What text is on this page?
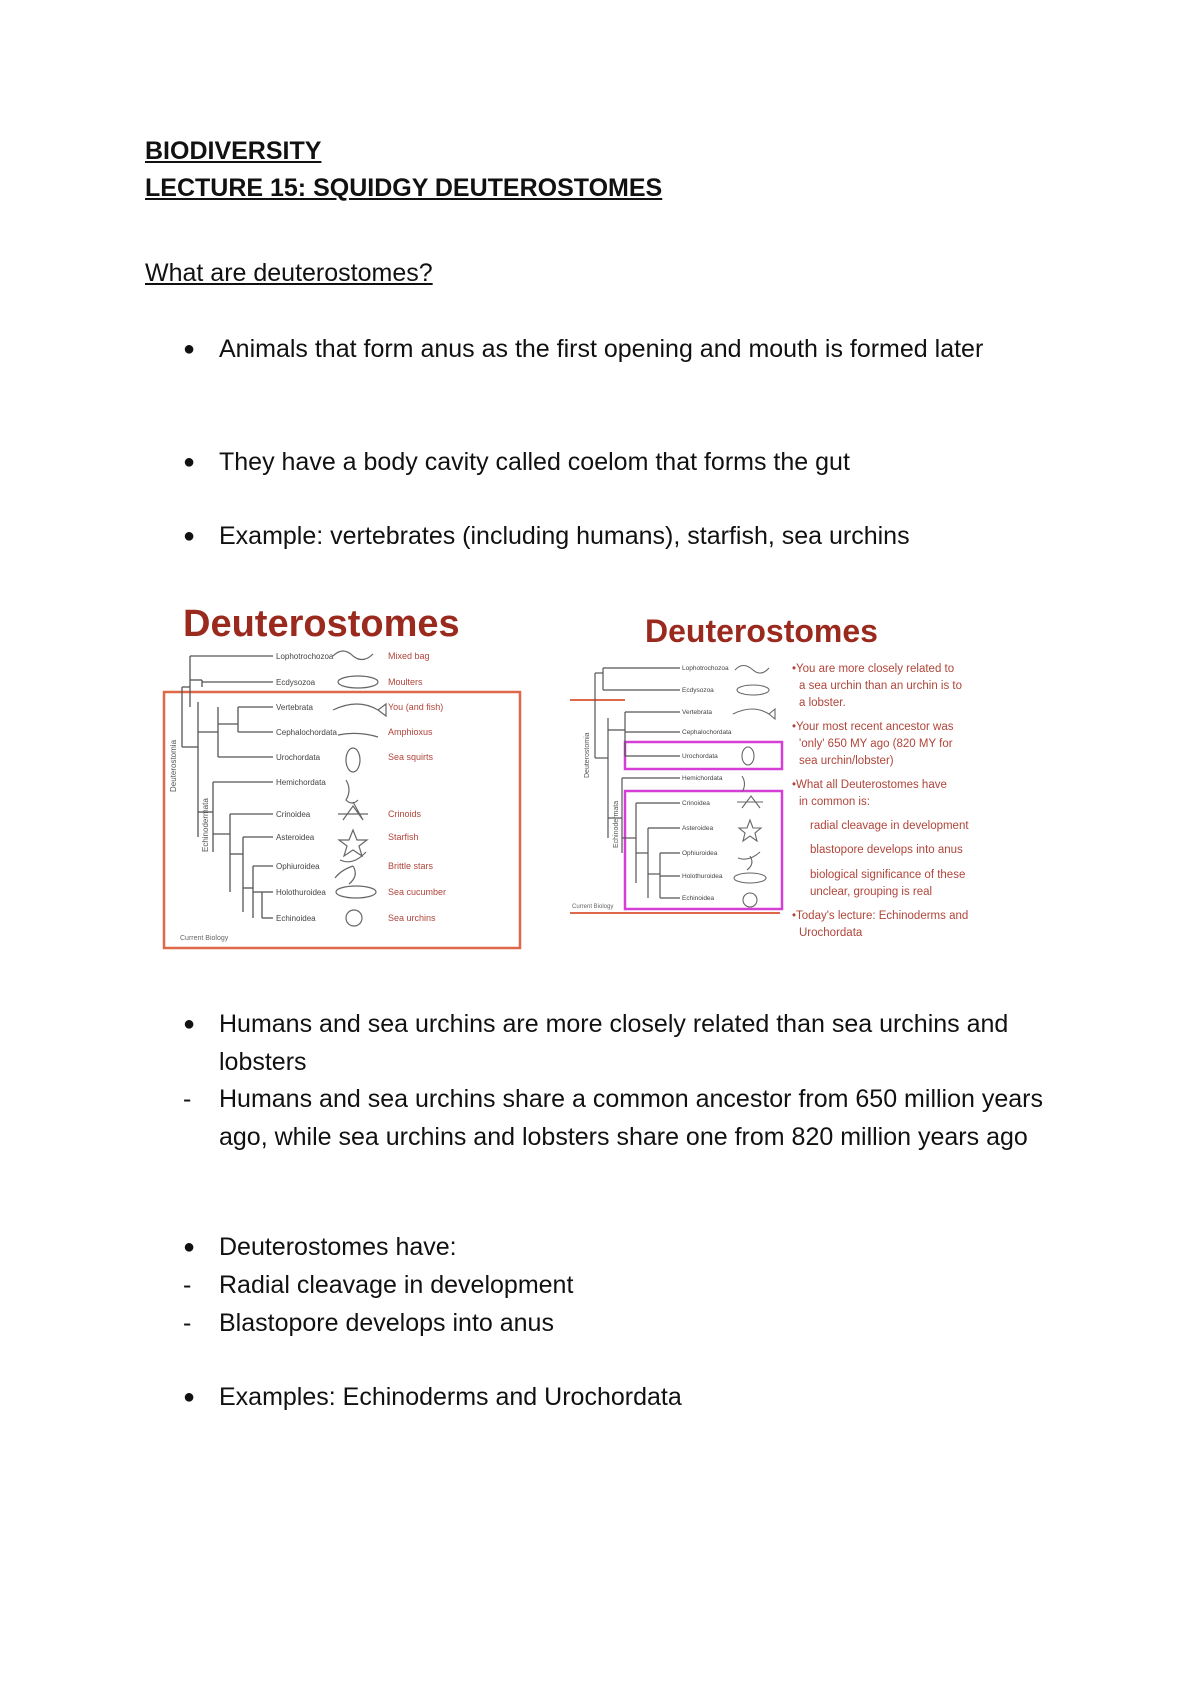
BIODIVERSITY
LECTURE 15: SQUIDGY DEUTEROSTOMES
What are deuterostomes?
● Animals that form anus as the first opening and mouth is formed later
● They have a body cavity called coelom that forms the gut
● Example: vertebrates (including humans), starfish, sea urchins
Deuterostomes
Deuterostomia
Echinodermata
Lophotrochozoa
Ecdysozoa
Vertebrata
Cephalochordata
Urochordata
Hemichordata
Crinoidea
Asteroidea
Ophiuroidea
Holothuroidea
Echinoidea
Mixed bag
Moulters
You (and fish)
Amphioxus
Sea squirts
Crinoids
Starfish
Brittle stars
Sea cucumber
Sea urchins
Current Biology
Deuterostomes
Deuterostomia
Echinodermata
Lophotrochozoa
Ecdysozoa
Vertebrata
Cephalochordata
Urochordata
Hemichordata
Crinoidea
Asteroidea
Ophiuroidea
Holothuroidea
Echinoidea
•You are more closely related to
a sea urchin than an urchin is to
a lobster.
•Your most recent ancestor was
'only' 650 MY ago (820 MY for
sea urchin/lobster)
•What all Deuterostomes have
in common is:
radial cleavage in development
blastopore develops into anus
biological significance of these
unclear, grouping is real
•Today's lecture: Echinoderms and
Urochordata
Current Biology
● Humans and sea urchins are more closely related than sea urchins and lobsters
-	Humans and sea urchins share a common ancestor from 650 million years ago, while sea urchins and lobsters share one from 820 million years ago
● Deuterostomes have:
-	Radial cleavage in development
-	Blastopore develops into anus
● Examples: Echinoderms and Urochordata
